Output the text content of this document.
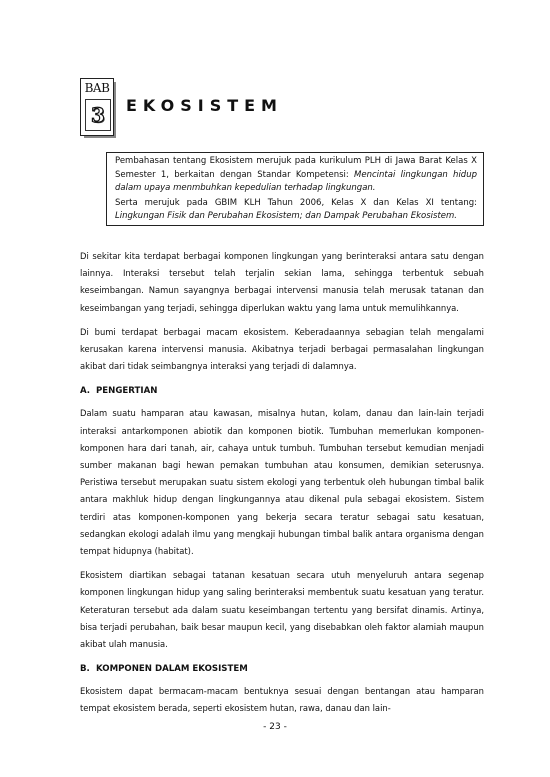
BAB
3	EKOSISTEM

Pembahasan tentang Ekosistem merujuk pada kurikulum PLH di Jawa Barat Kelas X Semester 1, berkaitan dengan Standar Kompetensi: Mencintai lingkungan hidup dalam upaya menmbuhkan kepedulian terhadap lingkungan.

Serta merujuk pada GBIM KLH Tahun 2006, Kelas X dan Kelas XI tentang: Lingkungan Fisik dan Perubahan Ekosistem; dan Dampak Perubahan Ekosistem.

Di sekitar kita terdapat berbagai komponen lingkungan yang berinteraksi antara satu dengan lainnya. Interaksi tersebut telah terjalin sekian lama, sehingga terbentuk sebuah keseimbangan. Namun sayangnya berbagai intervensi manusia telah merusak tatanan dan keseimbangan yang terjadi, sehingga diperlukan waktu yang lama untuk memulihkannya.

Di bumi terdapat berbagai macam ekosistem. Keberadaannya sebagian telah mengalami kerusakan karena intervensi manusia. Akibatnya terjadi berbagai permasalahan lingkungan akibat dari tidak seimbangnya interaksi yang terjadi di dalamnya.

A. PENGERTIAN

Dalam suatu hamparan atau kawasan, misalnya hutan, kolam, danau dan lain-lain terjadi interaksi antarkomponen abiotik dan komponen biotik. Tumbuhan memerlukan komponen-komponen hara dari tanah, air, cahaya untuk tumbuh. Tumbuhan tersebut kemudian menjadi sumber makanan bagi hewan pemakan tumbuhan atau konsumen, demikian seterusnya. Peristiwa tersebut merupakan suatu sistem ekologi yang terbentuk oleh hubungan timbal balik antara makhluk hidup dengan lingkungannya atau dikenal pula sebagai ekosistem. Sistem terdiri atas komponen-komponen yang bekerja secara teratur sebagai satu kesatuan, sedangkan ekologi adalah ilmu yang mengkaji hubungan timbal balik antara organisma dengan tempat hidupnya (habitat).

Ekosistem diartikan sebagai tatanan kesatuan secara utuh menyeluruh antara segenap komponen lingkungan hidup yang saling berinteraksi membentuk suatu kesatuan yang teratur. Keteraturan tersebut ada dalam suatu keseimbangan tertentu yang bersifat dinamis. Artinya, bisa terjadi perubahan, baik besar maupun kecil, yang disebabkan oleh faktor alamiah maupun akibat ulah manusia.

B. KOMPONEN DALAM EKOSISTEM

Ekosistem dapat bermacam-macam bentuknya sesuai dengan bentangan atau hamparan tempat ekosistem berada, seperti ekosistem hutan, rawa, danau dan lain-

- 23 -
